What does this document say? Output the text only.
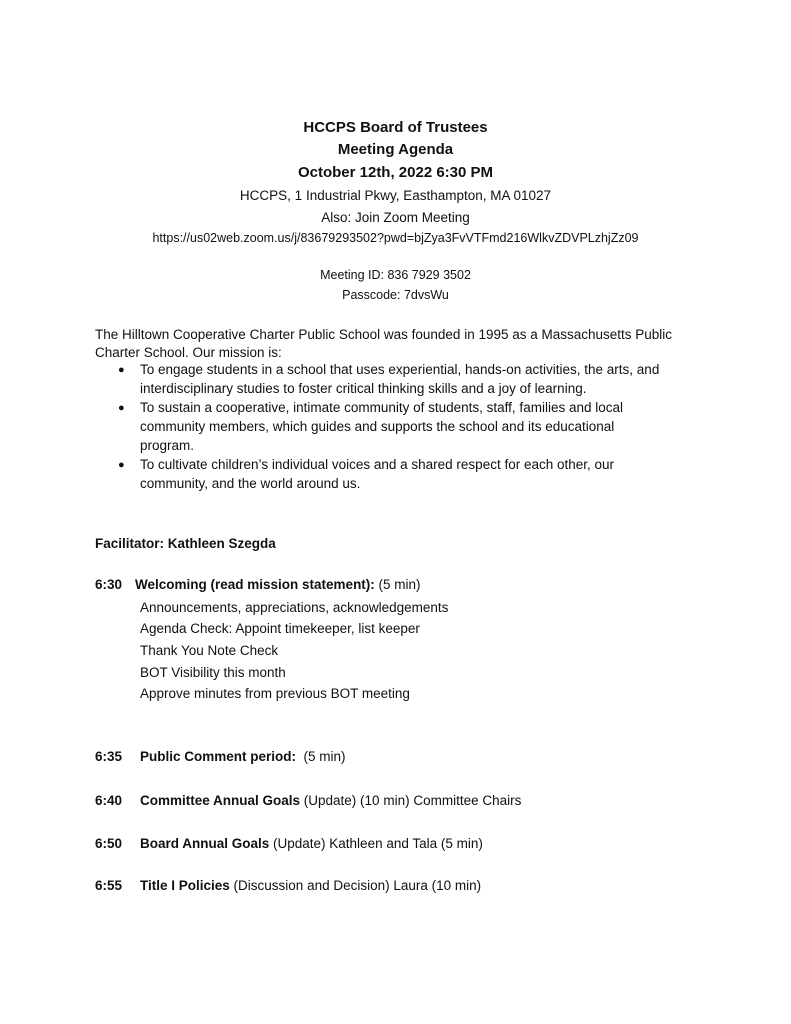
HCCPS Board of Trustees
Meeting Agenda
October 12th, 2022 6:30 PM
HCCPS, 1 Industrial Pkwy, Easthampton, MA 01027
Also: Join Zoom Meeting
https://us02web.zoom.us/j/83679293502?pwd=bjZya3FvVTFmd216WlkvZDVPLzhjZz09
Meeting ID: 836 7929 3502
Passcode: 7dvsWu
The Hilltown Cooperative Charter Public School was founded in 1995 as a Massachusetts Public
Charter School. Our mission is:
● To engage students in a school that uses experiential, hands-on activities, the arts, and
interdisciplinary studies to foster critical thinking skills and a joy of learning.
● To sustain a cooperative, intimate community of students, staff, families and local
community members, which guides and supports the school and its educational
program.
● To cultivate children’s individual voices and a shared respect for each other, our
community, and the world around us.
Facilitator: Kathleen Szegda
6:30 Welcoming (read mission statement): (5 min)
Announcements, appreciations, acknowledgements
Agenda Check: Appoint timekeeper, list keeper
Thank You Note Check
BOT Visibility this month
Approve minutes from previous BOT meeting
6:35 Public Comment period:  (5 min)
6:40 Committee Annual Goals (Update) (10 min) Committee Chairs
6:50 Board Annual Goals (Update) Kathleen and Tala (5 min)
6:55 Title I Policies (Discussion and Decision) Laura (10 min)
